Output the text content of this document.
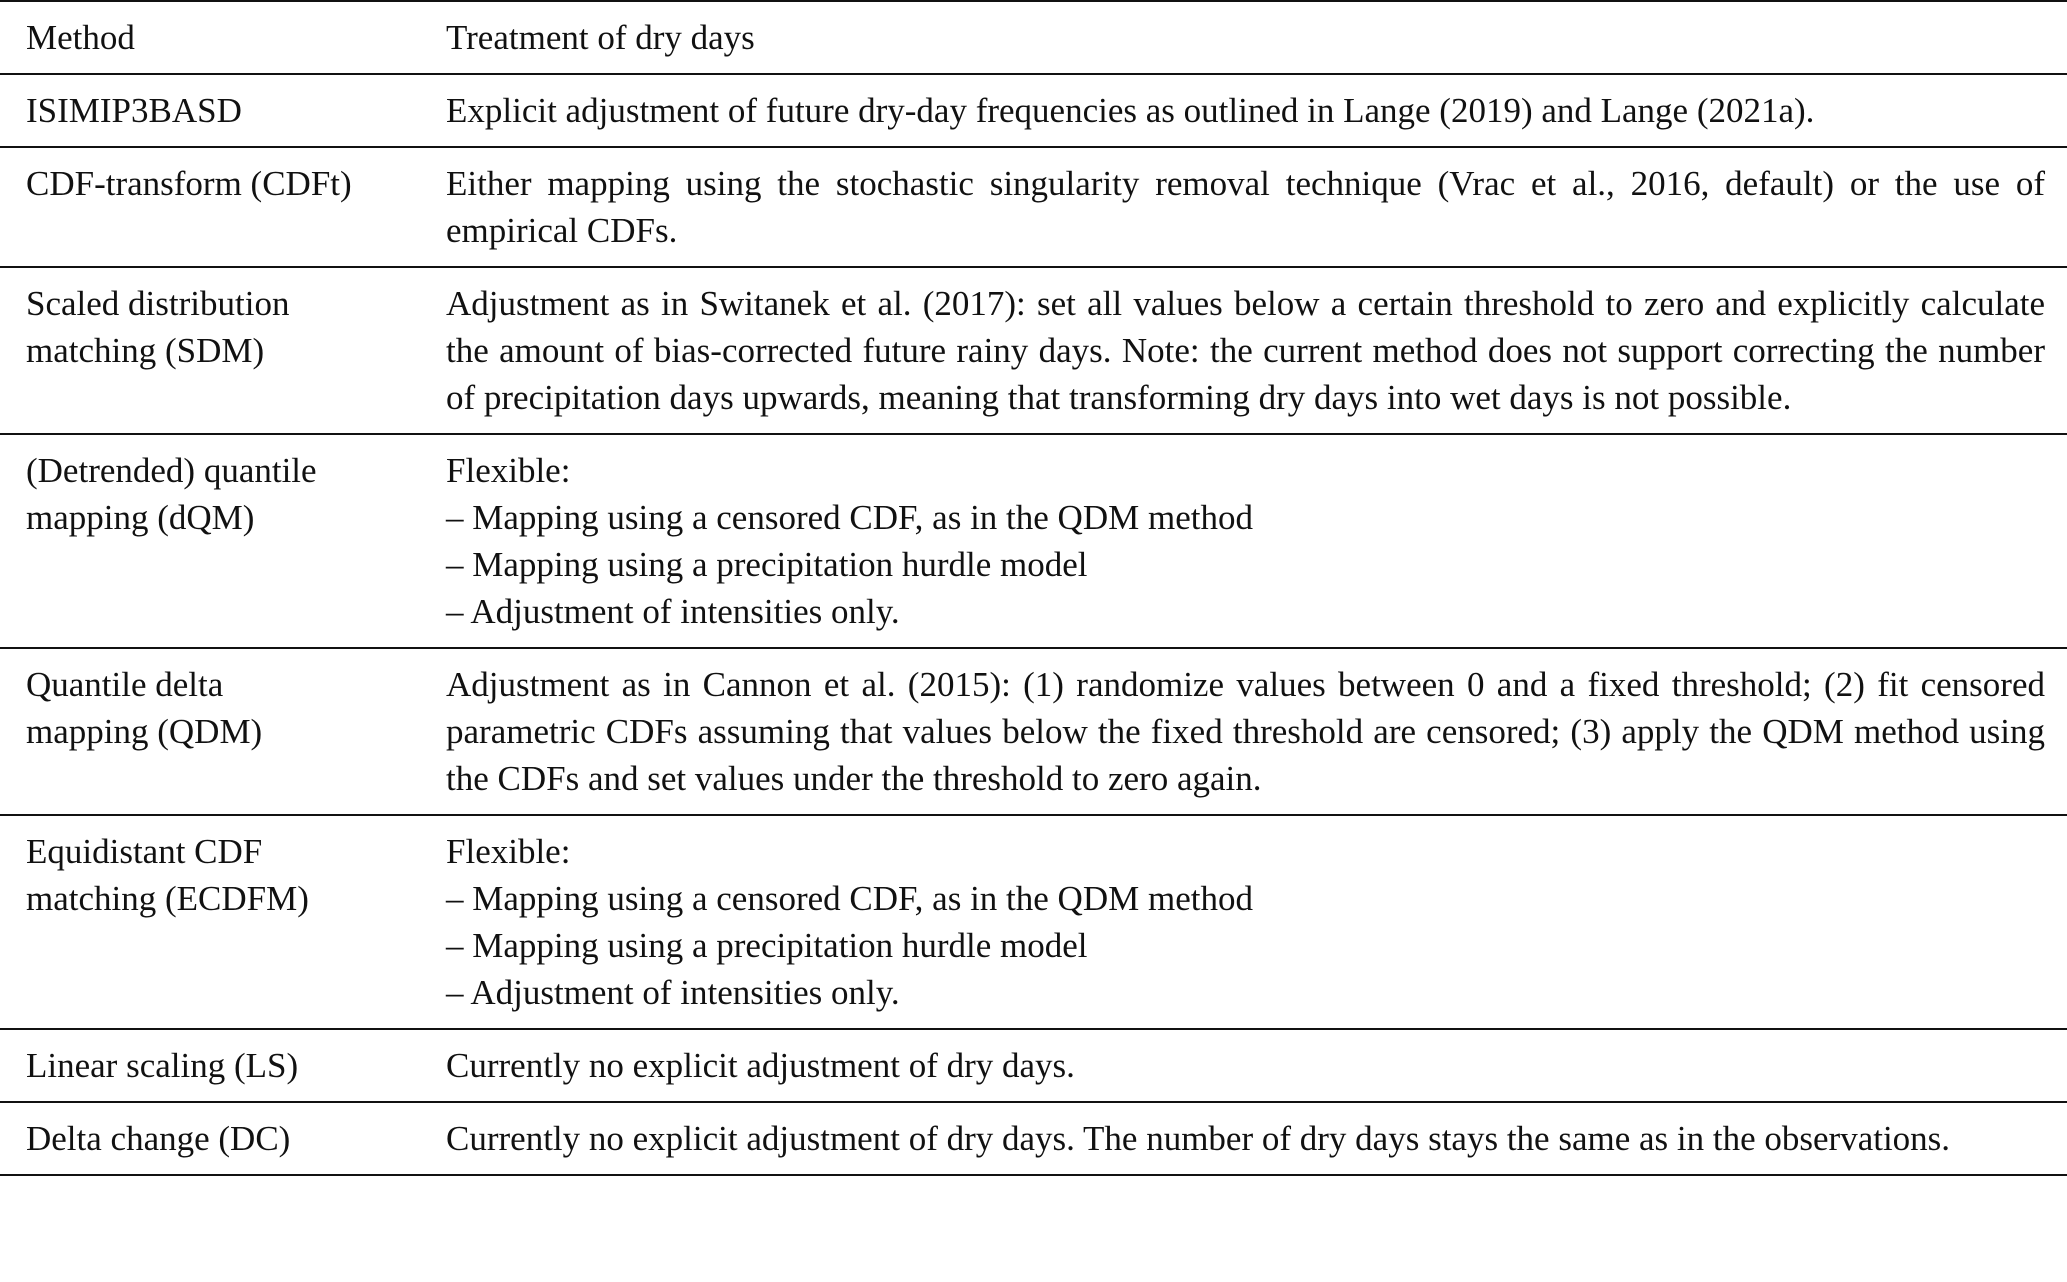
Method	Treatment of dry days

ISIMIP3BASD	Explicit adjustment of future dry-day frequencies as outlined in Lange (2019) and Lange (2021a).

CDF-transform (CDFt)	Either mapping using the stochastic singularity removal technique (Vrac et al., 2016, default) or the use of empirical CDFs.

Scaled distribution
matching (SDM)	Adjustment as in Switanek et al. (2017): set all values below a certain threshold to zero and explicitly calculate the amount of bias-corrected future rainy days. Note: the current method does not support correcting the number of precipitation days upwards, meaning that transforming dry days into wet days is not possible.

(Detrended) quantile
mapping (dQM)	Flexible:
– Mapping using a censored CDF, as in the QDM method
– Mapping using a precipitation hurdle model
– Adjustment of intensities only.

Quantile delta
mapping (QDM)	Adjustment as in Cannon et al. (2015): (1) randomize values between 0 and a fixed threshold; (2) fit censored parametric CDFs assuming that values below the fixed threshold are censored; (3) apply the QDM method using the CDFs and set values under the threshold to zero again.

Equidistant CDF
matching (ECDFM)	Flexible:
– Mapping using a censored CDF, as in the QDM method
– Mapping using a precipitation hurdle model
– Adjustment of intensities only.

Linear scaling (LS)	Currently no explicit adjustment of dry days.

Delta change (DC)	Currently no explicit adjustment of dry days. The number of dry days stays the same as in the observations.
